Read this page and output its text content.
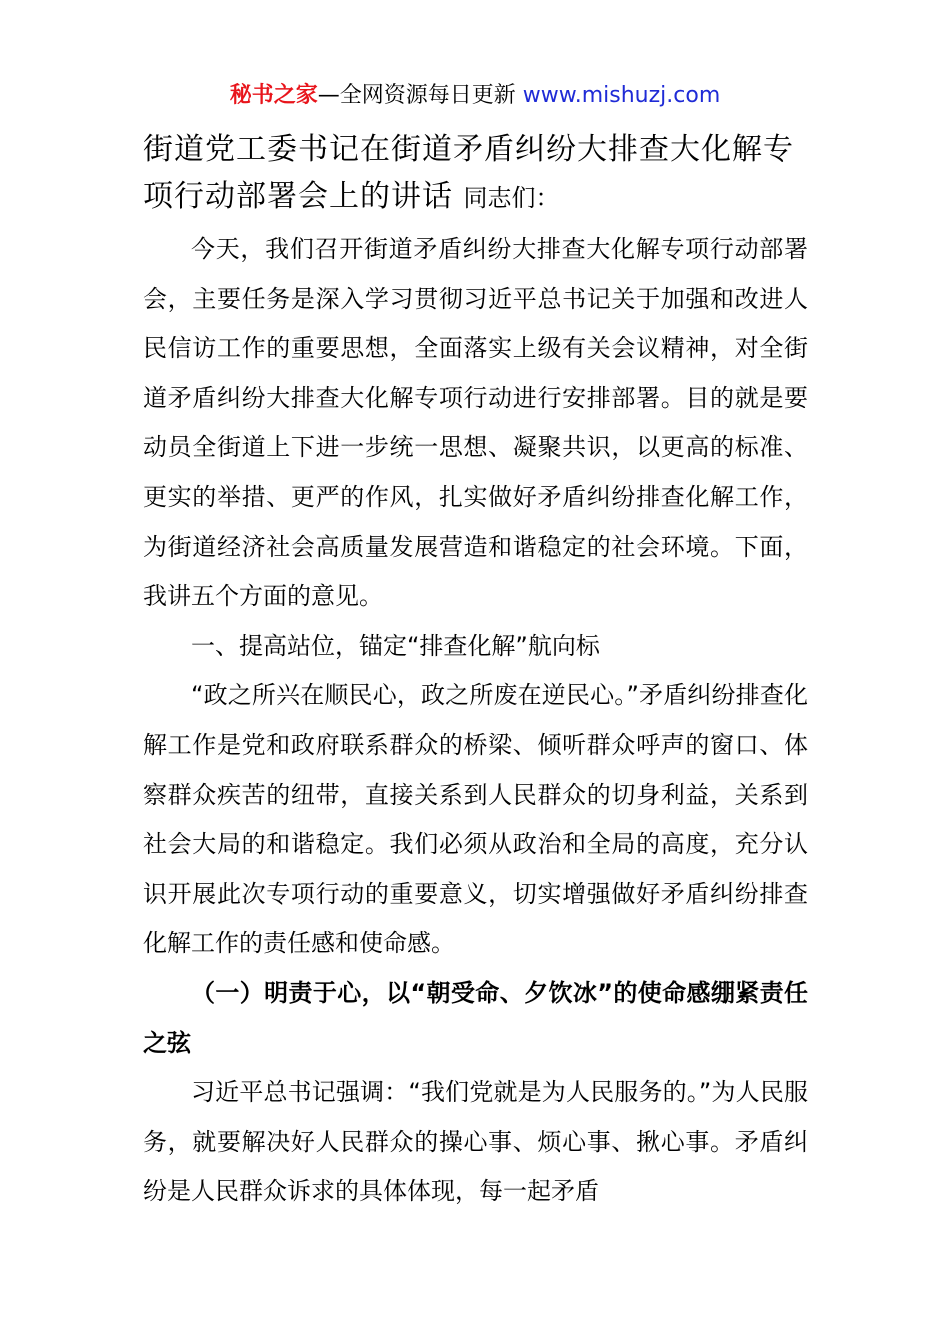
秘书之家—全网资源每日更新 www.mishuzj.com
街道党工委书记在街道矛盾纠纷大排查大化解专项行动部署会上的讲话 同志们：

今天，我们召开街道矛盾纠纷大排查大化解专项行动部署会，主要任务是深入学习贯彻习近平总书记关于加强和改进人民信访工作的重要思想，全面落实上级有关会议精神，对全街道矛盾纠纷大排查大化解专项行动进行安排部署。目的就是要动员全街道上下进一步统一思想、凝聚共识，以更高的标准、更实的举措、更严的作风，扎实做好矛盾纠纷排查化解工作，为街道经济社会高质量发展营造和谐稳定的社会环境。下面，我讲五个方面的意见。

一、提高站位，锚定“排查化解”航向标

“政之所兴在顺民心，政之所废在逆民心。”矛盾纠纷排查化解工作是党和政府联系群众的桥梁、倾听群众呼声的窗口、体察群众疾苦的纽带，直接关系到人民群众的切身利益，关系到社会大局的和谐稳定。我们必须从政治和全局的高度，充分认识开展此次专项行动的重要意义，切实增强做好矛盾纠纷排查化解工作的责任感和使命感。

（一）明责于心，以“朝受命、夕饮冰”的使命感绷紧责任之弦

习近平总书记强调：“我们党就是为人民服务的。”为人民服务，就要解决好人民群众的操心事、烦心事、揪心事。矛盾纠纷是人民群众诉求的具体体现，每一起矛盾
